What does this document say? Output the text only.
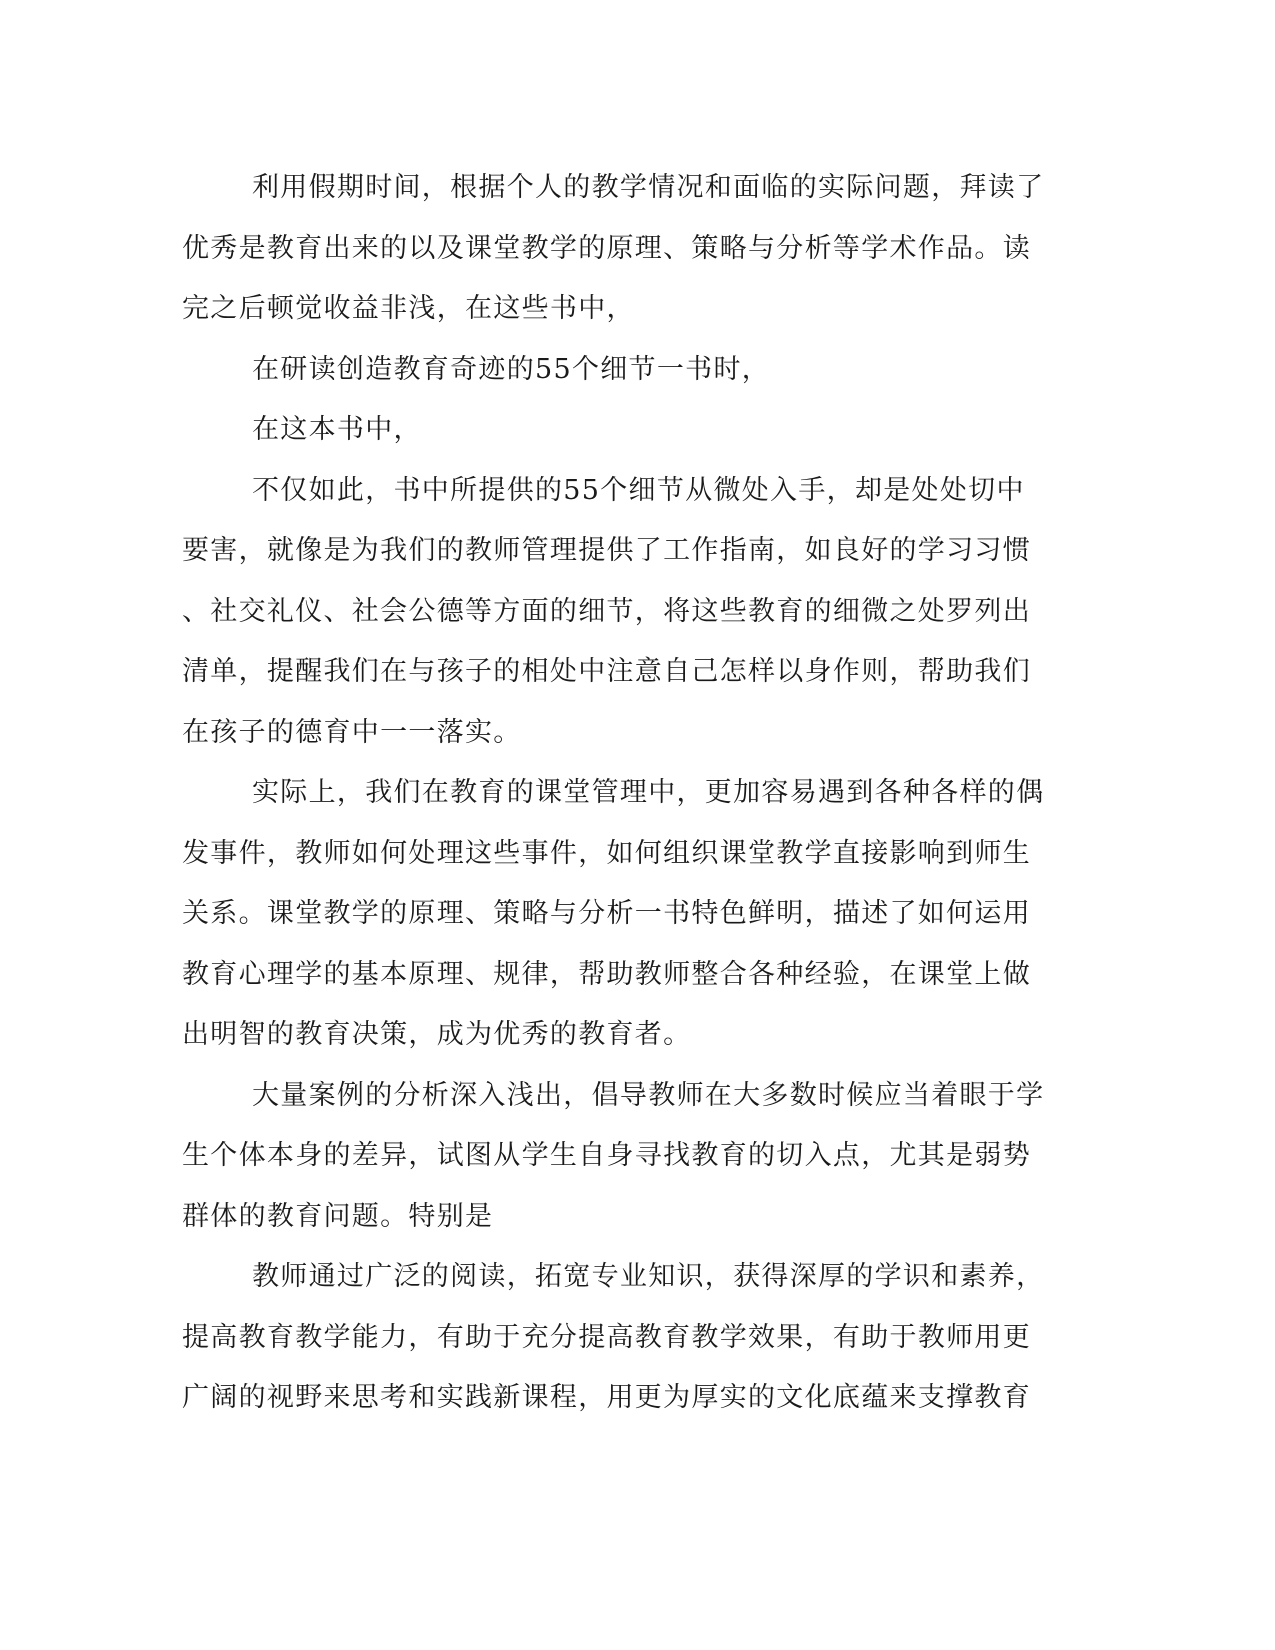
利用假期时间，根据个人的教学情况和面临的实际问题，拜读了
优秀是教育出来的以及课堂教学的原理、策略与分析等学术作品。读
完之后顿觉收益非浅，在这些书中，

在研读创造教育奇迹的55个细节一书时，

在这本书中，

不仅如此，书中所提供的55个细节从微处入手，却是处处切中
要害，就像是为我们的教师管理提供了工作指南，如良好的学习习惯
、社交礼仪、社会公德等方面的细节，将这些教育的细微之处罗列出
清单，提醒我们在与孩子的相处中注意自己怎样以身作则，帮助我们
在孩子的德育中一一落实。

实际上，我们在教育的课堂管理中，更加容易遇到各种各样的偶
发事件，教师如何处理这些事件，如何组织课堂教学直接影响到师生
关系。课堂教学的原理、策略与分析一书特色鲜明，描述了如何运用
教育心理学的基本原理、规律，帮助教师整合各种经验，在课堂上做
出明智的教育决策，成为优秀的教育者。

大量案例的分析深入浅出，倡导教师在大多数时候应当着眼于学
生个体本身的差异，试图从学生自身寻找教育的切入点，尤其是弱势
群体的教育问题。特别是

教师通过广泛的阅读，拓宽专业知识，获得深厚的学识和素养，
提高教育教学能力，有助于充分提高教育教学效果，有助于教师用更
广阔的视野来思考和实践新课程，用更为厚实的文化底蕴来支撑教育
